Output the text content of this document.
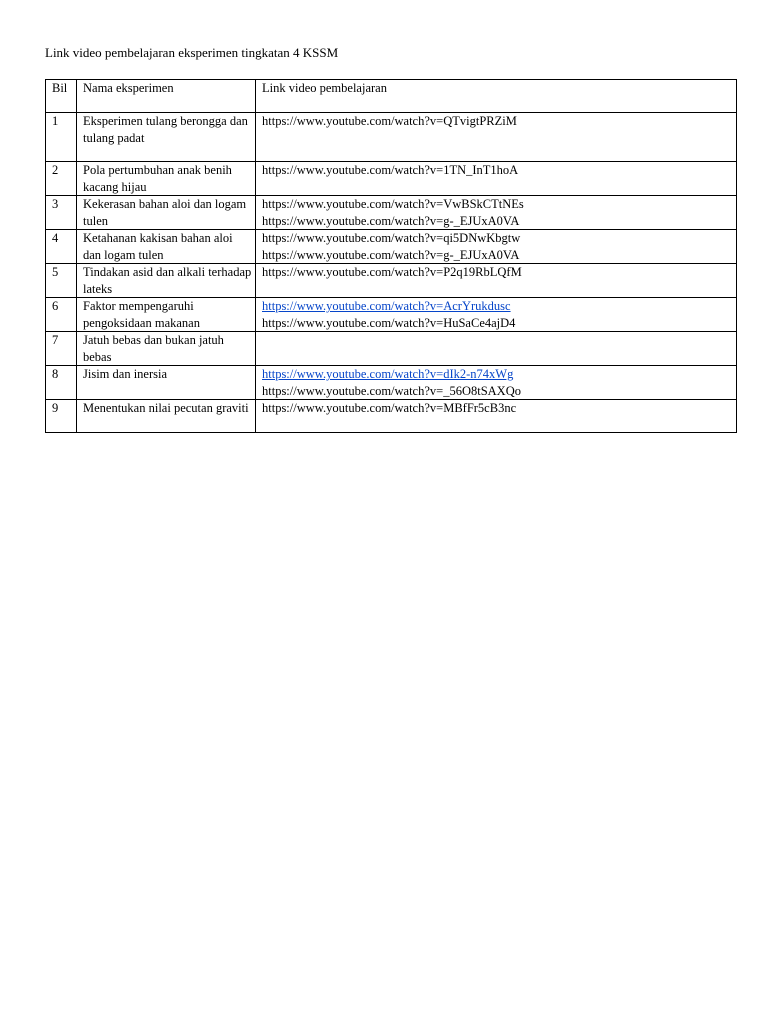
Link video pembelajaran eksperimen tingkatan 4 KSSM
Bil	Nama eksperimen	Link video pembelajaran
1	Eksperimen tulang berongga dan tulang padat	https://www.youtube.com/watch?v=QTvigtPRZiM

2	Pola pertumbuhan anak benih kacang hijau	https://www.youtube.com/watch?v=1TN_InT1hoA

3	Kekerasan bahan aloi dan logam tulen	https://www.youtube.com/watch?v=VwBSkCTtNEs
https://www.youtube.com/watch?v=g-_EJUxA0VA

4	Ketahanan kakisan bahan aloi dan logam tulen	https://www.youtube.com/watch?v=qi5DNwKbgtw
https://www.youtube.com/watch?v=g-_EJUxA0VA

5	Tindakan asid dan alkali terhadap lateks	https://www.youtube.com/watch?v=P2q19RbLQfM

6	Faktor mempengaruhi pengoksidaan makanan	https://www.youtube.com/watch?v=AcrYrukdusc
https://www.youtube.com/watch?v=HuSaCe4ajD4

7	Jatuh bebas dan bukan jatuh bebas	
8	Jisim dan inersia	https://www.youtube.com/watch?v=dIk2-n74xWg
https://www.youtube.com/watch?v=_56O8tSAXQo

9	Menentukan nilai pecutan graviti	https://www.youtube.com/watch?v=MBfFr5cB3nc
